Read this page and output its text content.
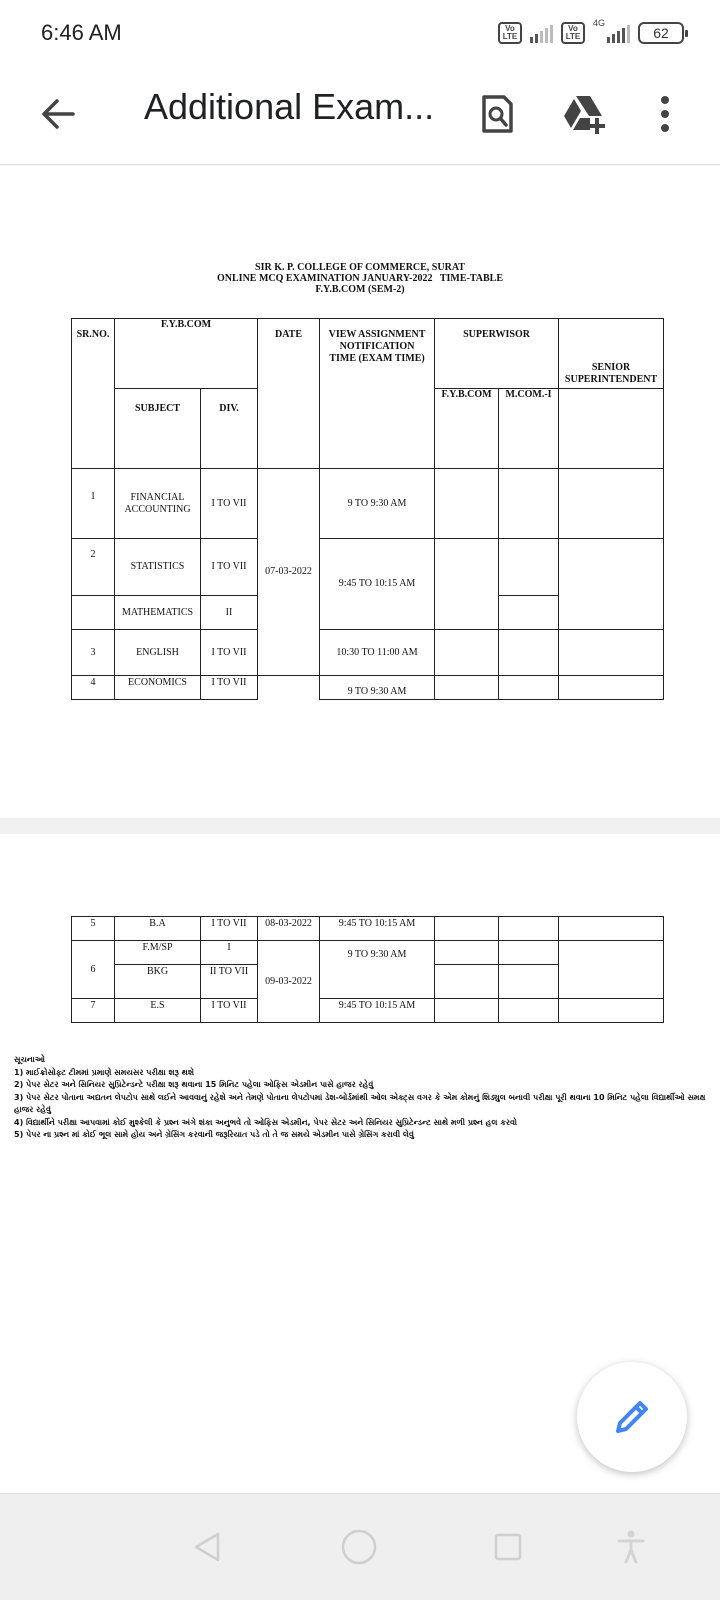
6:46 AM	Vo LTE
Vo LTE
4G
62
Additional Exam...
SIR K. P. COLLEGE OF COMMERCE, SURAT
ONLINE MCQ EXAMINATION JANUARY-2022   TIME-TABLE
F.Y.B.COM (SEM-2)
SR.NO.	F.Y.B.COM		DATE	VIEW ASSIGNMENT NOTIFICATION TIME (EXAM TIME)	SUPERWISOR		SENIOR SUPERINTENDENT
	SUBJECT	DIV.			F.Y.B.COM	M.COM.-I	
1	FINANCIAL ACCOUNTING	I TO VII	07-03-2022	9 TO 9:30 AM			
2	STATISTICS	I TO VII		9:45 TO 10:15 AM			
	MATHEMATICS	II					
3	ENGLISH	I TO VII		10:30 TO 11:00 AM			
4	ECONOMICS	I TO VII		9 TO 9:30 AM			
5	B.A	I TO VII	08-03-2022	9:45 TO 10:15 AM			
6	F.M/SP	I	09-03-2022	9 TO 9:30 AM			
	BKG	II TO VII					
7	E.S	I TO VII		9:45 TO 10:15 AM			
સૂચનાઓ
1) માઈક્રોસોફ્ટ ટીમમાં પ્રમાણે સમયસર પરીક્ષા શરૂ થશે
2) પેપર સેટર અને સિનિયર સુપ્રિટેન્ડન્ટે પરીક્ષા શરૂ થવાના 15 મિનિટ પહેલા ઓફિસ એડમીન પાસે હાજર રહેવું
3) પેપર સેટર પોતાના અદ્યતન લેપટોપ સાથે લઈને આવવાનું રહેશે અને તેમણે પોતાના લેપટોપમાં ડેશ-બોર્ડમાંથી ઓલ એક્ટ્સ વગર કે એમ કોમનું શિડ્યુલ બનાવી પરીક્ષા પૂરી થવાના 10 મિનિટ પહેલા વિદ્યાર્થીઓ સમક્ષ હાજર રહેવું
4) વિદ્યાર્થીને પરીક્ષા આપવામાં કોઈ મુશ્કેલી કે પ્રશ્ન અંગે શંકા અનુભવે તો ઓફિસ એડમીન, પેપર સેટર અને સિનિયર સુપ્રિટેન્ડન્ટ સાથે મળી પ્રશ્ન હલ કરવો
5) પેપર ના પ્રશ્ન માં કોઈ ભૂલ સામે હોય અને ગ્રેસિંગ કરવાની જરૂરિયાત પડે તો તે જ સમયે એડમીન પાસે ગ્રેસિંગ કરાવી લેવું
